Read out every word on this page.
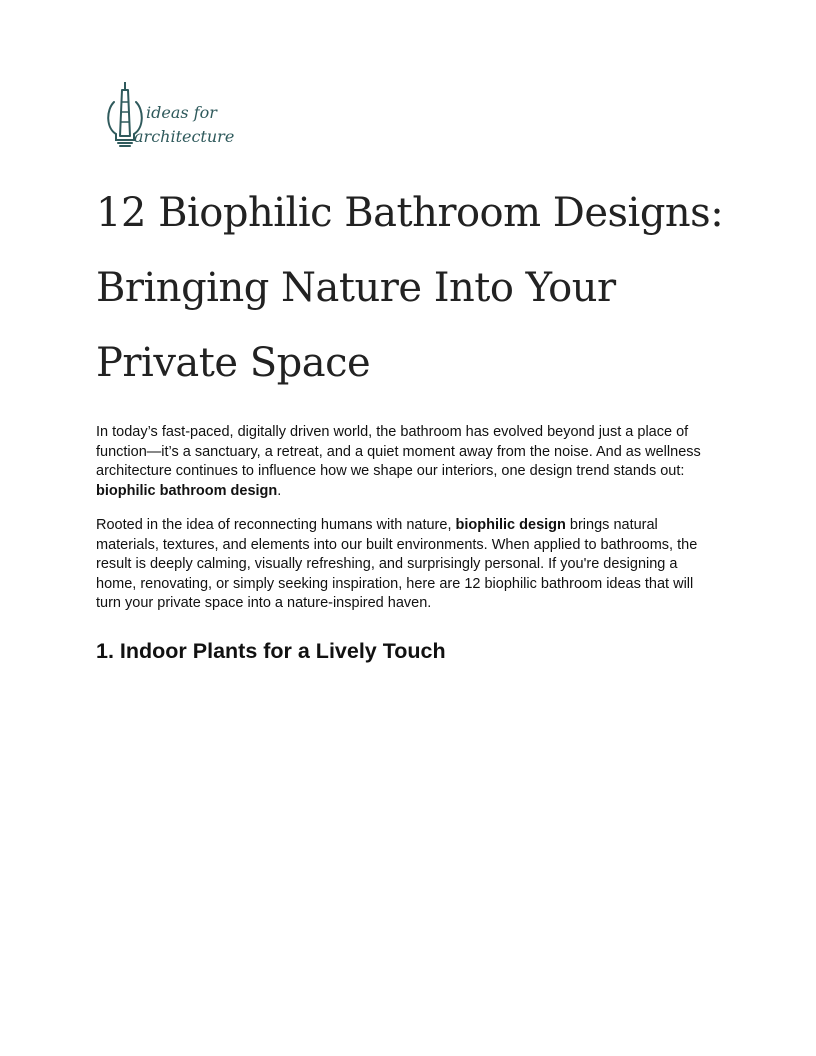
ideas for
architecture
12 Biophilic Bathroom Designs:
Bringing Nature Into Your
Private Space

In today’s fast-paced, digitally driven world, the bathroom has evolved beyond just a place of function—it’s a sanctuary, a retreat, and a quiet moment away from the noise. And as wellness architecture continues to influence how we shape our interiors, one design trend stands out: biophilic bathroom design.

Rooted in the idea of reconnecting humans with nature, biophilic design brings natural materials, textures, and elements into our built environments. When applied to bathrooms, the result is deeply calming, visually refreshing, and surprisingly personal. If you're designing a home, renovating, or simply seeking inspiration, here are 12 biophilic bathroom ideas that will turn your private space into a nature-inspired haven.

1. Indoor Plants for a Lively Touch
